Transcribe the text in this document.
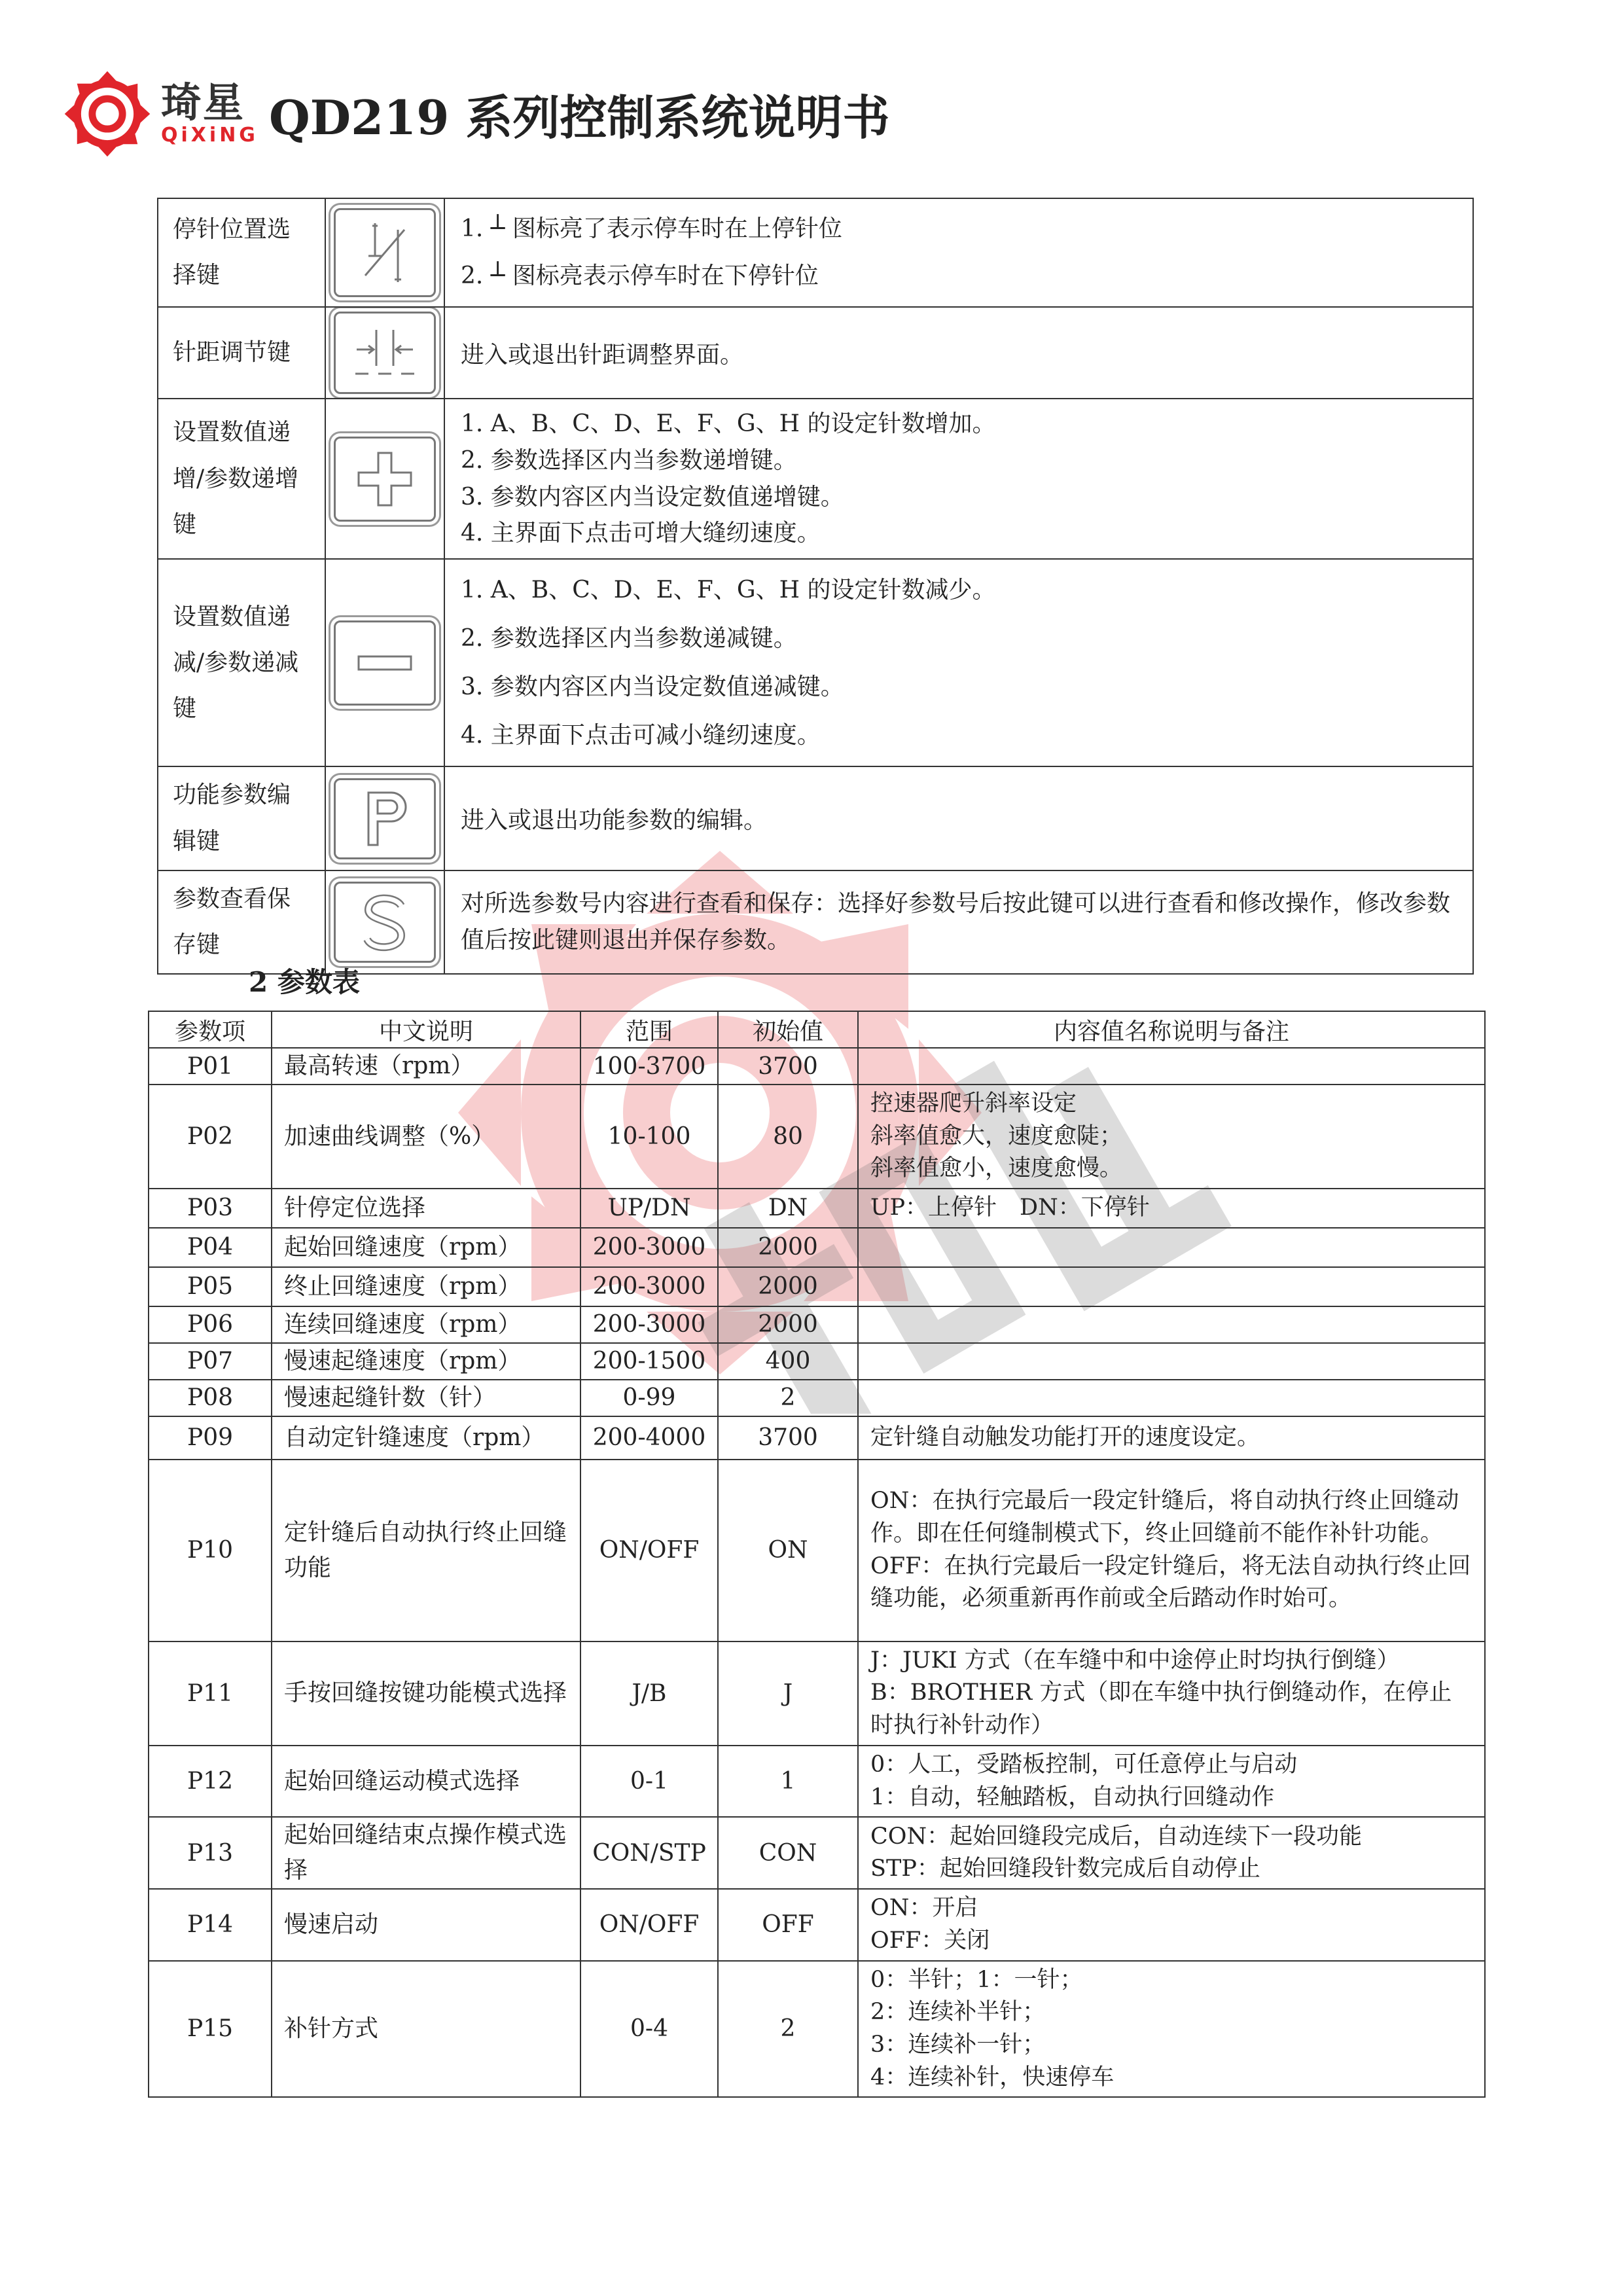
琦星
QiXiNG QD219 系列控制系统说明书
停针位置选择键		1. ┴ 图标亮了表示停车时在上停针位
2. ┴ 图标亮表示停车时在下停针位

针距调节键		进入或退出针距调整界面。

设置数值递增/参数递增键		1. A、B、C、D、E、F、G、H 的设定针数增加。
2. 参数选择区内当参数递增键。
3. 参数内容区内当设定数值递增键。
4. 主界面下点击可增大缝纫速度。

设置数值递减/参数递减键		1. A、B、C、D、E、F、G、H 的设定针数减少。
2. 参数选择区内当参数递减键。
3. 参数内容区内当设定数值递减键。
4. 主界面下点击可减小缝纫速度。

功能参数编辑键		进入或退出功能参数的编辑。

参数查看保存键		对所选参数号内容进行查看和保存：选择好参数号后按此键可以进行查看和修改操作，修改参数值后按此键则退出并保存参数。
2 参数表
参数项	中文说明	范围	初始值	内容值名称说明与备注
P01	最高转速（rpm）	100-3700	3700	
P02	加速曲线调整（%）	10-100	80	控速器爬升斜率设定
斜率值愈大，速度愈陡；
斜率值愈小，速度愈慢。

P03	针停定位选择	UP/DN	DN	UP：上停针　DN：下停针

P04	起始回缝速度（rpm）	200-3000	2000	
P05	终止回缝速度（rpm）	200-3000	2000	
P06	连续回缝速度（rpm）	200-3000	2000	
P07	慢速起缝速度（rpm）	200-1500	400	
P08	慢速起缝针数（针）	0-99	2	
P09	自动定针缝速度（rpm）	200-4000	3700	定针缝自动触发功能打开的速度设定。

P10	定针缝后自动执行终止回缝功能	ON/OFF	ON	ON：在执行完最后一段定针缝后，将自动执行终止回缝动作。即在任何缝制模式下，终止回缝前不能作补针功能。
OFF：在执行完最后一段定针缝后，将无法自动执行终止回缝功能，必须重新再作前或全后踏动作时始可。

P11	手按回缝按键功能模式选择	J/B	J	J：JUKI 方式（在车缝中和中途停止时均执行倒缝）
B：BROTHER 方式（即在车缝中执行倒缝动作，在停止时执行补针动作）

P12	起始回缝运动模式选择	0-1	1	0：人工，受踏板控制，可任意停止与启动
1：自动，轻触踏板，自动执行回缝动作

P13	起始回缝结束点操作模式选择	CON/STP	CON	CON：起始回缝段完成后，自动连续下一段功能
STP：起始回缝段针数完成后自动停止

P14	慢速启动	ON/OFF	OFF	ON：开启
OFF：关闭

P15	补针方式	0-4	2	0：半针；1：一针；
2：连续补半针；
3：连续补一针；
4：连续补针，快速停车
